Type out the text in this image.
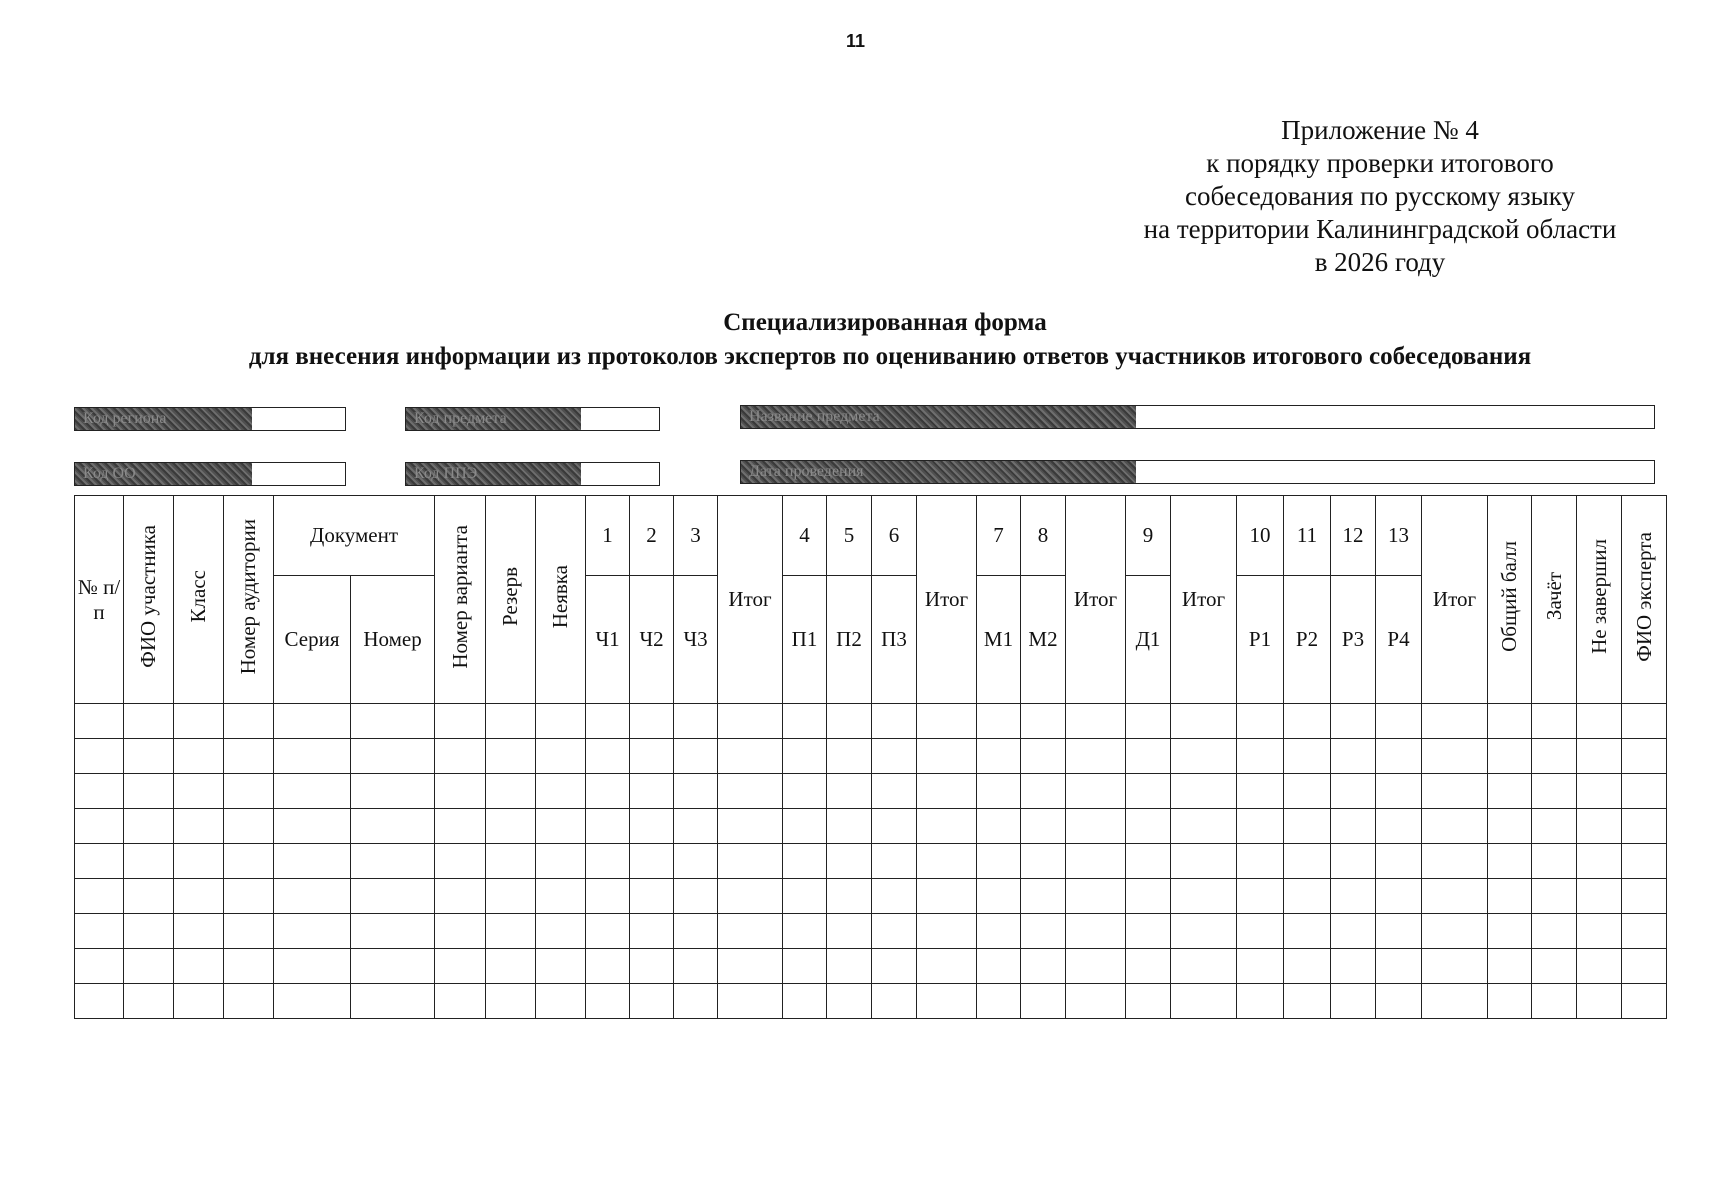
11
Приложение № 4
к порядку проверки итогового
собеседования по русскому языку
на территории Калининградской области
в 2026 году
Специализированная форма
для внесения информации из протоколов экспертов по оцениванию ответов участников итогового собеседования
Код региона	Код предмета	Название предмета
Код ОО	Код ППЭ	Дата проведения
№ п/п	ФИО участника	Класс	Номер аудитории	Документ		Номер варианта	Резерв	Неявка	1	2	3	Итог	4	5	6	Итог	7	8	Итог	9	Итог	10	11	12	13	Итог	Общий балл	Зачёт	Не завершил	ФИО эксперта
				Серия	Номер				Ч1	Ч2	Ч3		П1	П2	П3		М1	М2		Д1		Р1	Р2	Р3	Р4					
